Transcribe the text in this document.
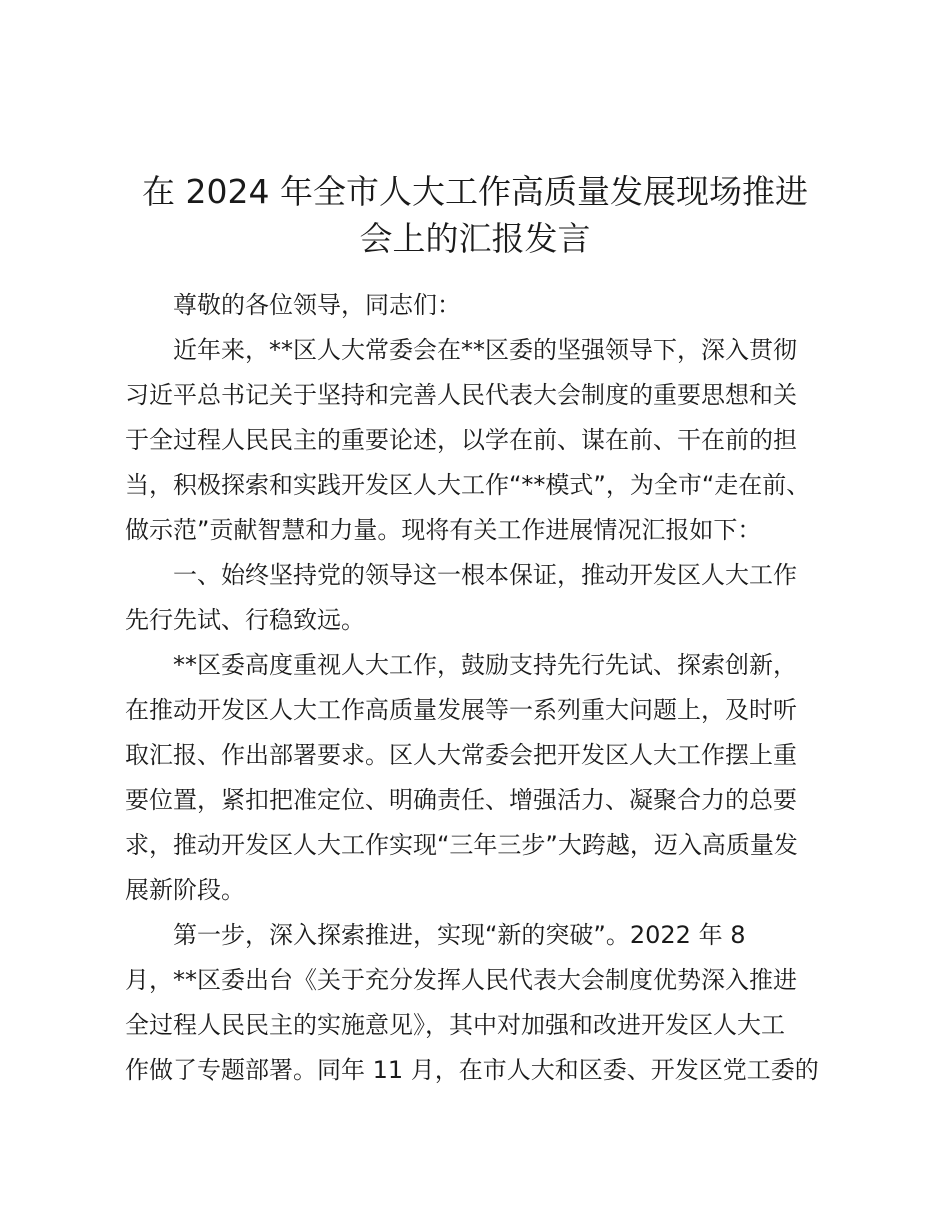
在 2024 年全市人大工作高质量发展现场推进
会上的汇报发言
尊敬的各位领导，同志们：
近年来，**区人大常委会在**区委的坚强领导下，深入贯彻
习近平总书记关于坚持和完善人民代表大会制度的重要思想和关
于全过程人民民主的重要论述，以学在前、谋在前、干在前的担
当，积极探索和实践开发区人大工作“**模式”，为全市“走在前、
做示范”贡献智慧和力量。现将有关工作进展情况汇报如下：
一、始终坚持党的领导这一根本保证，推动开发区人大工作
先行先试、行稳致远。
**区委高度重视人大工作，鼓励支持先行先试、探索创新，
在推动开发区人大工作高质量发展等一系列重大问题上，及时听
取汇报、作出部署要求。区人大常委会把开发区人大工作摆上重
要位置，紧扣把准定位、明确责任、增强活力、凝聚合力的总要
求，推动开发区人大工作实现“三年三步”大跨越，迈入高质量发
展新阶段。
第一步，深入探索推进，实现“新的突破”。2022 年 8
月，**区委出台《关于充分发挥人民代表大会制度优势深入推进
全过程人民民主的实施意见》，其中对加强和改进开发区人大工
作做了专题部署。同年 11 月，在市人大和区委、开发区党工委的
